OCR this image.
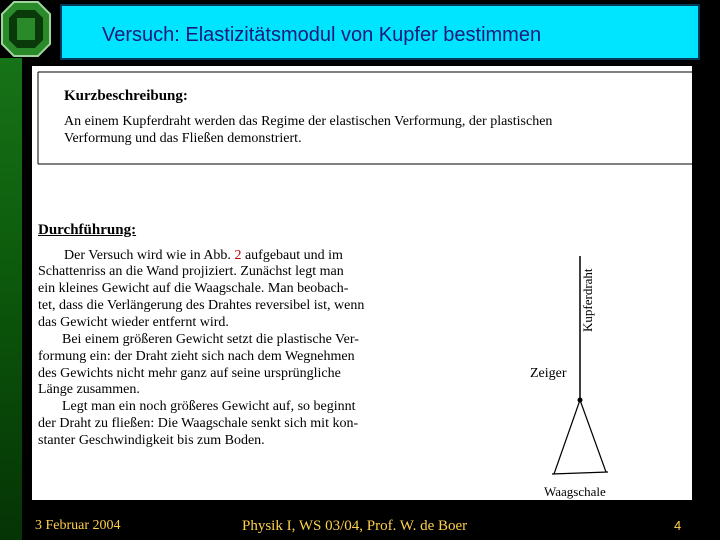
Versuch: Elastizitätsmodul von Kupfer bestimmen
Kurzbeschreibung:
An einem Kupferdraht werden das Regime der elastischen Verformung, der plastischen
Verformung und das Fließen demonstriert.
Durchführung:
Der Versuch wird wie in Abb. 2 aufgebaut und im
Schattenriss an die Wand projiziert. Zunächst legt man
ein kleines Gewicht auf die Waagschale. Man beobach-
tet, dass die Verlängerung des Drahtes reversibel ist, wenn
das Gewicht wieder entfernt wird.
Bei einem größeren Gewicht setzt die plastische Ver-
formung ein: der Draht zieht sich nach dem Wegnehmen
des Gewichts nicht mehr ganz auf seine ursprüngliche
Länge zusammen.
Legt man ein noch größeres Gewicht auf, so beginnt
der Draht zu fließen: Die Waagschale senkt sich mit kon-
stanter Geschwindigkeit bis zum Boden.
Kupferdraht
Zeiger
Waagschale
3 Februar 2004	Physik I, WS 03/04, Prof. W. de Boer	4
